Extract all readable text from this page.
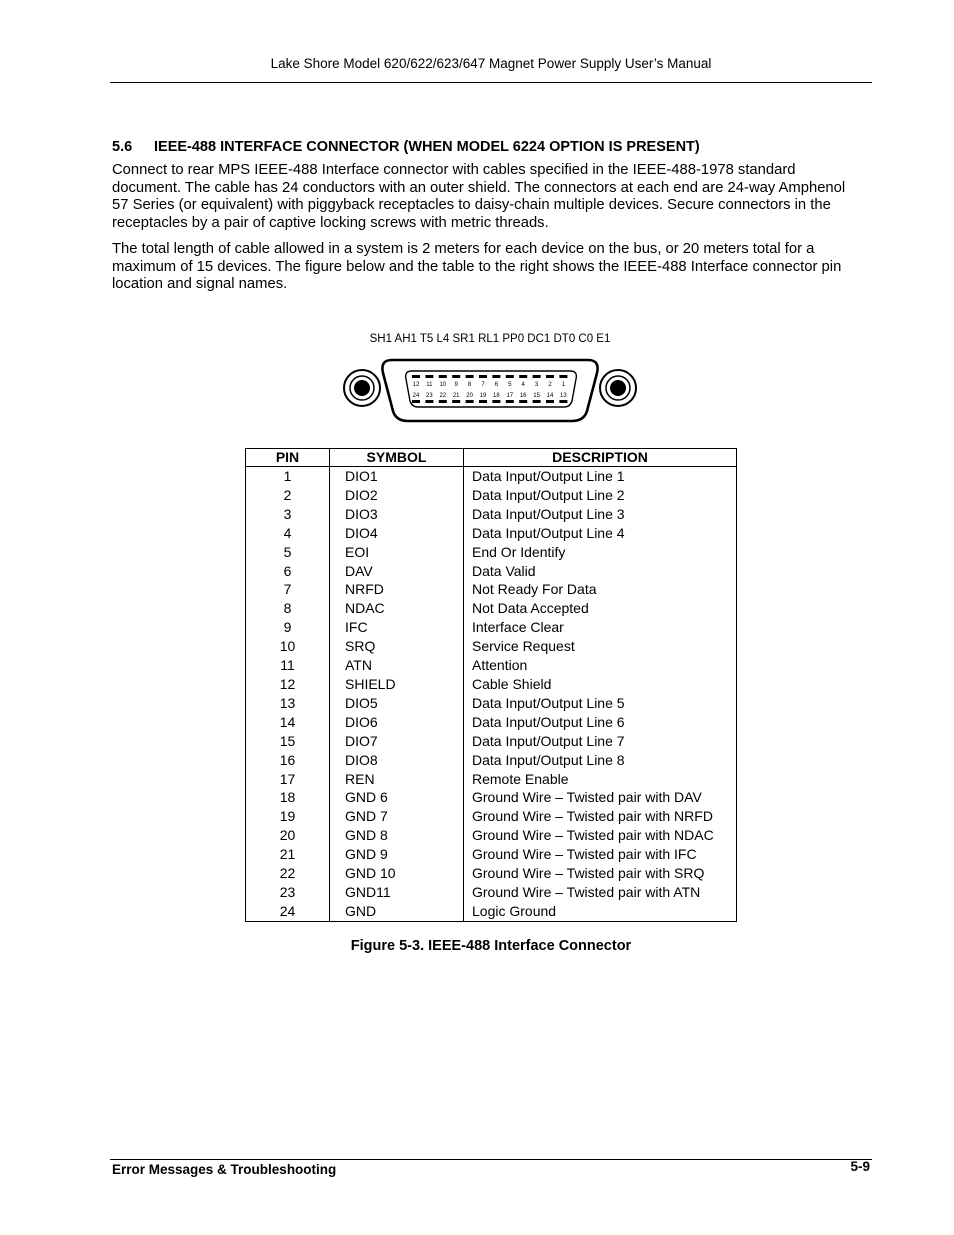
Lake Shore Model 620/622/623/647 Magnet Power Supply User’s Manual
5.6 IEEE-488 INTERFACE CONNECTOR (WHEN MODEL 6224 OPTION IS PRESENT)

Connect to rear MPS IEEE-488 Interface connector with cables specified in the IEEE-488-1978 standard document. The cable has 24 conductors with an outer shield. The connectors at each end are 24-way Amphenol 57 Series (or equivalent) with piggyback receptacles to daisy-chain multiple devices. Secure connectors in the receptacles by a pair of captive locking screws with metric threads.

The total length of cable allowed in a system is 2 meters for each device on the bus, or 20 meters total for a maximum of 15 devices. The figure below and the table to the right shows the IEEE-488 Interface connector pin location and signal names.

SH1 AH1 T5 L4 SR1 RL1 PP0 DC1 DT0 C0 E1
12 11 10 9 8 7 6 5 4 3 2 1
24 23 22 21 20 19 18 17 16 15 14 13
PIN	SYMBOL	DESCRIPTION
1	DIO1	Data Input/Output Line 1
2	DIO2	Data Input/Output Line 2
3	DIO3	Data Input/Output Line 3
4	DIO4	Data Input/Output Line 4
5	EOI	End Or Identify
6	DAV	Data Valid
7	NRFD	Not Ready For Data
8	NDAC	Not Data Accepted
9	IFC	Interface Clear
10	SRQ	Service Request
11	ATN	Attention
12	SHIELD	Cable Shield
13	DIO5	Data Input/Output Line 5
14	DIO6	Data Input/Output Line 6
15	DIO7	Data Input/Output Line 7
16	DIO8	Data Input/Output Line 8
17	REN	Remote Enable
18	GND 6	Ground Wire – Twisted pair with DAV
19	GND 7	Ground Wire – Twisted pair with NRFD
20	GND 8	Ground Wire – Twisted pair with NDAC
21	GND 9	Ground Wire – Twisted pair with IFC
22	GND 10	Ground Wire – Twisted pair with SRQ
23	GND11	Ground Wire – Twisted pair with ATN
24	GND	Logic Ground
Figure 5-3. IEEE-488 Interface Connector
Error Messages & Troubleshooting	5-9
